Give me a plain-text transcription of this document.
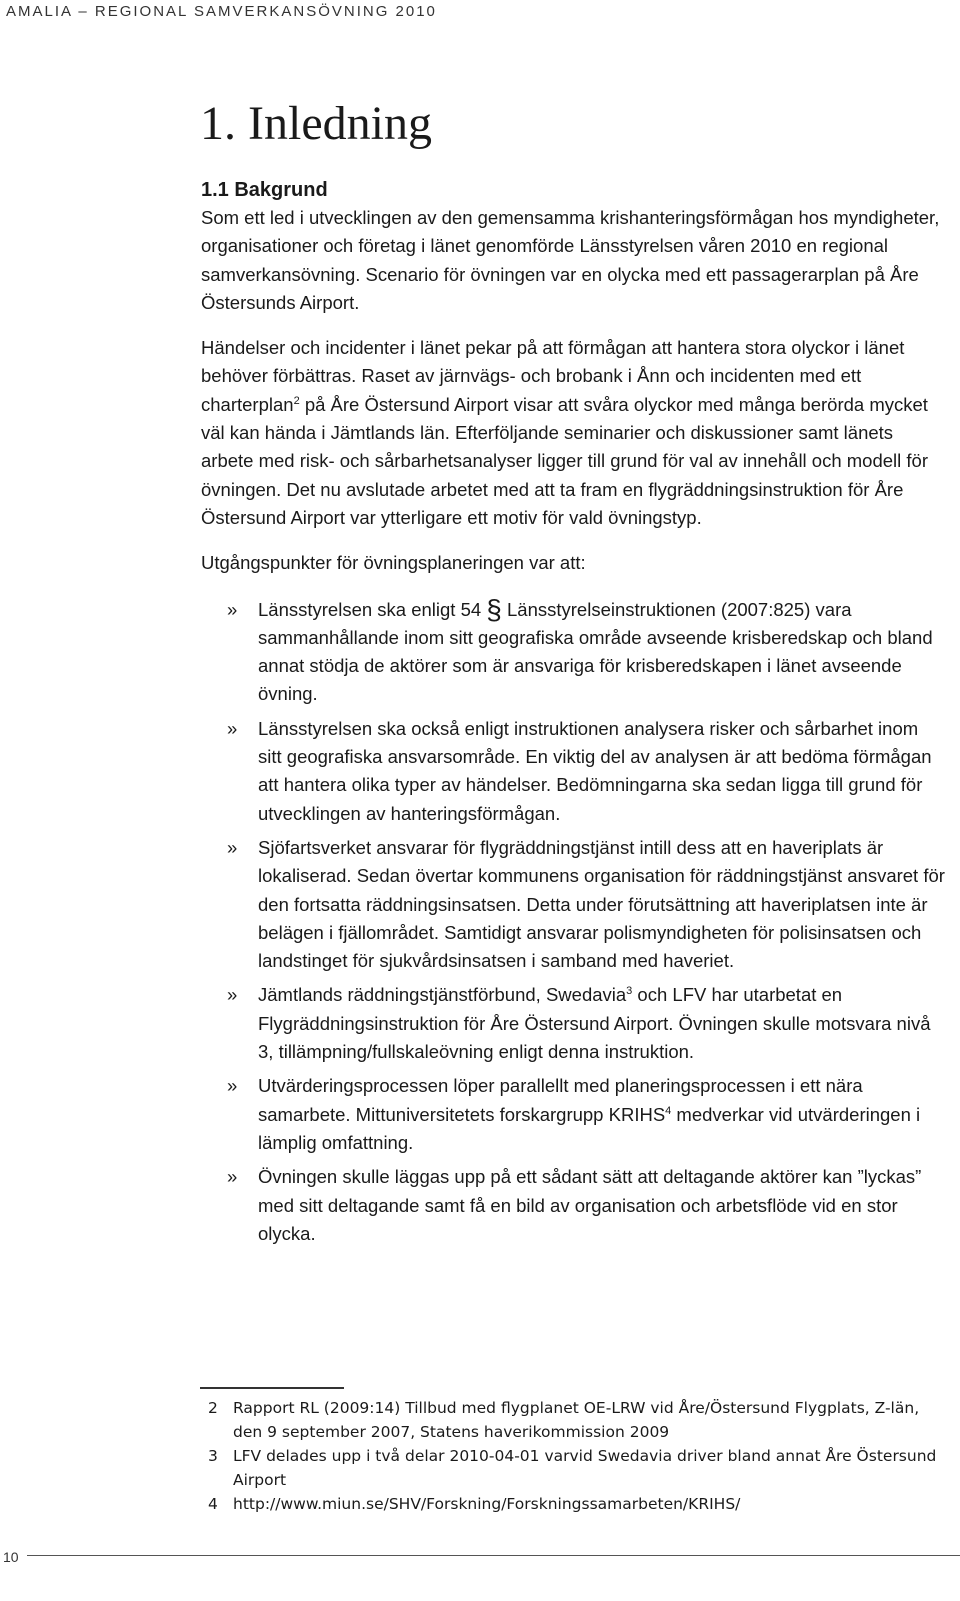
AMALIA – REGIONAL SAMVERKANSÖVNING 2010
1. Inledning
1.1 Bakgrund

Som ett led i utvecklingen av den gemensamma krishanteringsförmågan hos myndigheter, organisationer och företag i länet genomförde Länsstyrelsen våren 2010 en regional samverkansövning. Scenario för övningen var en olycka med ett passagerarplan på Åre Östersunds Airport.

Händelser och incidenter i länet pekar på att förmågan att hantera stora olyckor i länet behöver förbättras. Raset av järnvägs- och brobank i Ånn och incidenten med ett charterplan$^2$ på Åre Östersund Airport visar att svåra olyckor med många berörda mycket väl kan hända i Jämtlands län. Efterföljande seminarier och diskussioner samt länets arbete med risk- och sårbarhetsanalyser ligger till grund för val av innehåll och modell för övningen. Det nu avslutade arbetet med att ta fram en flygräddningsinstruktion för Åre Östersund Airport var ytterligare ett motiv för vald övningstyp.

Utgångspunkter för övningsplaneringen var att:

» Länsstyrelsen ska enligt 54 § Länsstyrelseinstruktionen (2007:825) vara sammanhållande inom sitt geografiska område avseende krisberedskap och bland annat stödja de aktörer som är ansvariga för krisberedskapen i länet avseende övning.
» Länsstyrelsen ska också enligt instruktionen analysera risker och sårbarhet inom sitt geografiska ansvarsområde. En viktig del av analysen är att bedöma förmågan att hantera olika typer av händelser. Bedömningarna ska sedan ligga till grund för utvecklingen av hanteringsförmågan.
» Sjöfartsverket ansvarar för flygräddningstjänst intill dess att en haveriplats är lokaliserad. Sedan övertar kommunens organisation för räddningstjänst ansvaret för den fortsatta räddningsinsatsen. Detta under förutsättning att haveriplatsen inte är belägen i fjällområdet. Samtidigt ansvarar polismyndigheten för polisinsatsen och landstinget för sjukvårdsinsatsen i samband med haveriet.
» Jämtlands räddningstjänstförbund, Swedavia$^3$ och LFV har utarbetat en Flygräddningsinstruktion för Åre Östersund Airport. Övningen skulle motsvara nivå 3, tillämpning/fullskaleövning enligt denna instruktion.
» Utvärderingsprocessen löper parallellt med planeringsprocessen i ett nära samarbete. Mittuniversitetets forskargrupp KRIHS$^4$ medverkar vid utvärderingen i lämplig omfattning.
» Övningen skulle läggas upp på ett sådant sätt att deltagande aktörer kan ”lyckas” med sitt deltagande samt få en bild av organisation och arbetsflöde vid en stor olycka.
2 Rapport RL (2009:14) Tillbud med flygplanet OE-LRW vid Åre/Östersund Flygplats, Z-län, den 9 september 2007, Statens haverikommission 2009
3 LFV delades upp i två delar 2010-04-01 varvid Swedavia driver bland annat Åre Östersund Airport
4 http://www.miun.se/SHV/Forskning/Forskningssamarbeten/KRIHS/
10
